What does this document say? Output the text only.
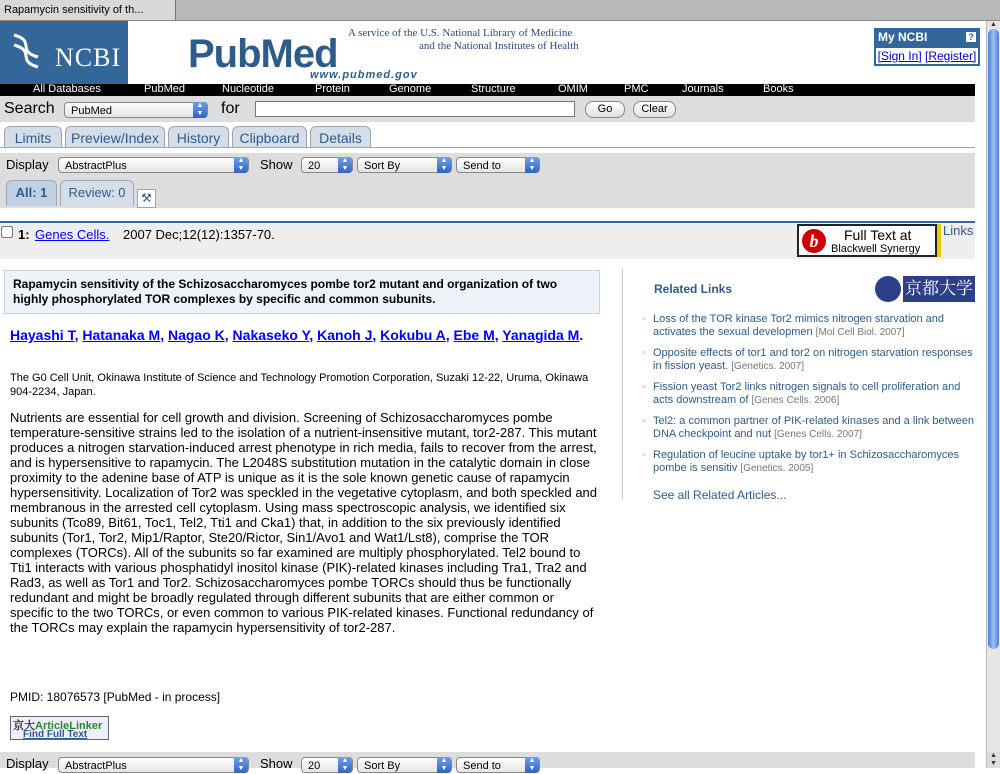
Rapamycin sensitivity of th...
▲
▲
▼
NCBI PubMed
www.pubmed.gov
A service of the U.S. National Library of Medicine
and the National Institutes of Health
My NCBI	?
[Sign In] [Register]
All Databases	PubMed	Nucleotide	Protein	Genome	Structure	OMIM	PMC	Journals	Books
Search	PubMed	▲
▼ for	Go	Clear
Limits	Preview/Index	History	Clipboard	Details
Display	AbstractPlus	▲
▼ Show	20	▲
▼	Sort By	▲
▼	Send to	▲
▼
All: 1	Review: 0	⚒
1: Genes Cells. 2007 Dec;12(12):1357-70.	b	Full Text at
Blackwell Synergy
Links
Rapamycin sensitivity of the Schizosaccharomyces pombe tor2 mutant and organization of two highly phosphorylated TOR complexes by specific and common subunits.
Hayashi T, Hatanaka M, Nagao K, Nakaseko Y, Kanoh J, Kokubu A, Ebe M, Yanagida M.
The G0 Cell Unit, Okinawa Institute of Science and Technology Promotion Corporation, Suzaki 12-22, Uruma, Okinawa 904-2234, Japan.
Nutrients are essential for cell growth and division. Screening of Schizosaccharomyces pombe temperature-sensitive strains led to the isolation of a nutrient-insensitive mutant, tor2-287. This mutant produces a nitrogen starvation-induced arrest phenotype in rich media, fails to recover from the arrest, and is hypersensitive to rapamycin. The L2048S substitution mutation in the catalytic domain in close proximity to the adenine base of ATP is unique as it is the sole known genetic cause of rapamycin hypersensitivity. Localization of Tor2 was speckled in the vegetative cytoplasm, and both speckled and membranous in the arrested cell cytoplasm. Using mass spectroscopic analysis, we identified six subunits (Tco89, Bit61, Toc1, Tel2, Tti1 and Cka1) that, in addition to the six previously identified subunits (Tor1, Tor2, Mip1/Raptor, Ste20/Rictor, Sin1/Avo1 and Wat1/Lst8), comprise the TOR complexes (TORCs). All of the subunits so far examined are multiply phosphorylated. Tel2 bound to Tti1 interacts with various phosphatidyl inositol kinase (PIK)-related kinases including Tra1, Tra2 and Rad3, as well as Tor1 and Tor2. Schizosaccharomyces pombe TORCs should thus be functionally redundant and might be broadly regulated through different subunits that are either common or specific to the two TORCs, or even common to various PIK-related kinases. Functional redundancy of the TORCs may explain the rapamycin hypersensitivity of tor2-287.
PMID: 18076573 [PubMed - in process]
京大ArticleLinker
Find Full Text
Display	AbstractPlus	▲
▼ Show	20	▲
▼	Sort By	▲
▼	Send to	▲
▼
Related Links	京都大学
▫ Loss of the TOR kinase Tor2 mimics nitrogen starvation and activates the sexual developmen [Mol Cell Biol. 2007]
▫ Opposite effects of tor1 and tor2 on nitrogen starvation responses in fission yeast. [Genetics. 2007]
▫ Fission yeast Tor2 links nitrogen signals to cell proliferation and acts downstream of [Genes Cells. 2006]
▫ Tel2: a common partner of PIK-related kinases and a link between DNA checkpoint and nut [Genes Cells. 2007]
▫ Regulation of leucine uptake by tor1+ in Schizosaccharomyces pombe is sensitiv [Genetics. 2005]
See all Related Articles...
